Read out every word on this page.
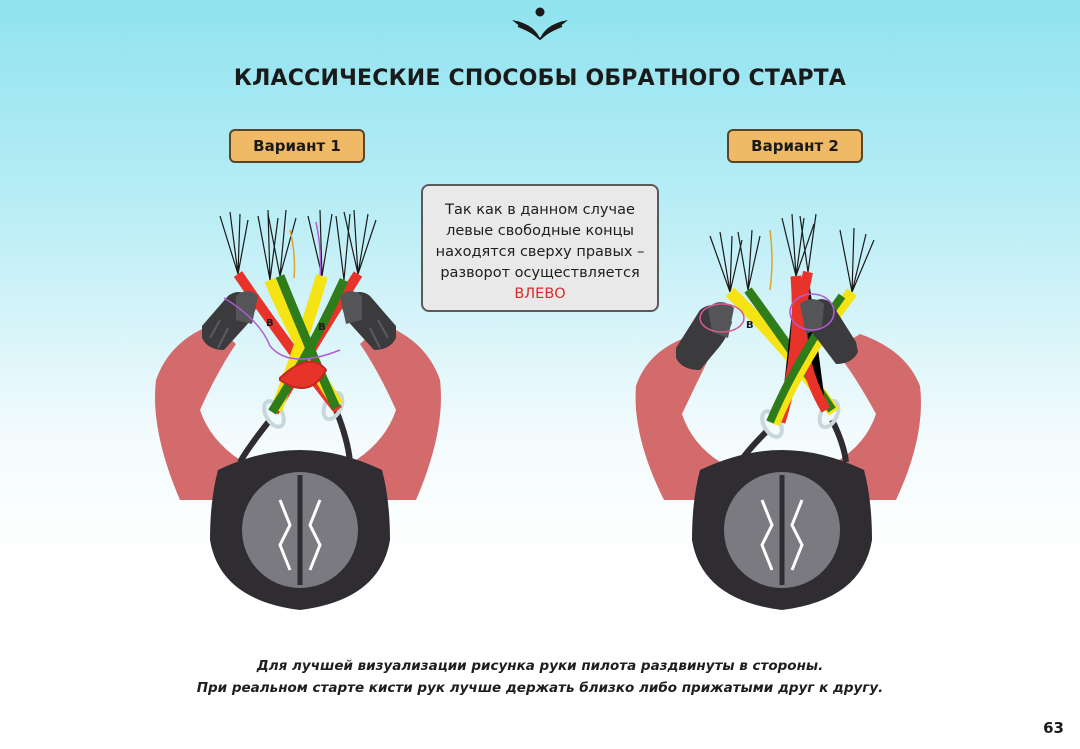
КЛАССИЧЕСКИЕ СПОСОБЫ ОБРАТНОГО СТАРТА
Вариант 1	Вариант 2
Так как в данном случае
левые свободные концы
находятся сверху правых –
разворот осуществляется
ВЛЕВО
B	B	B
Для лучшей визуализации рисунка руки пилота раздвинуты в стороны.
При реальном старте кисти рук лучше держать близко либо прижатыми друг к другу.
63
